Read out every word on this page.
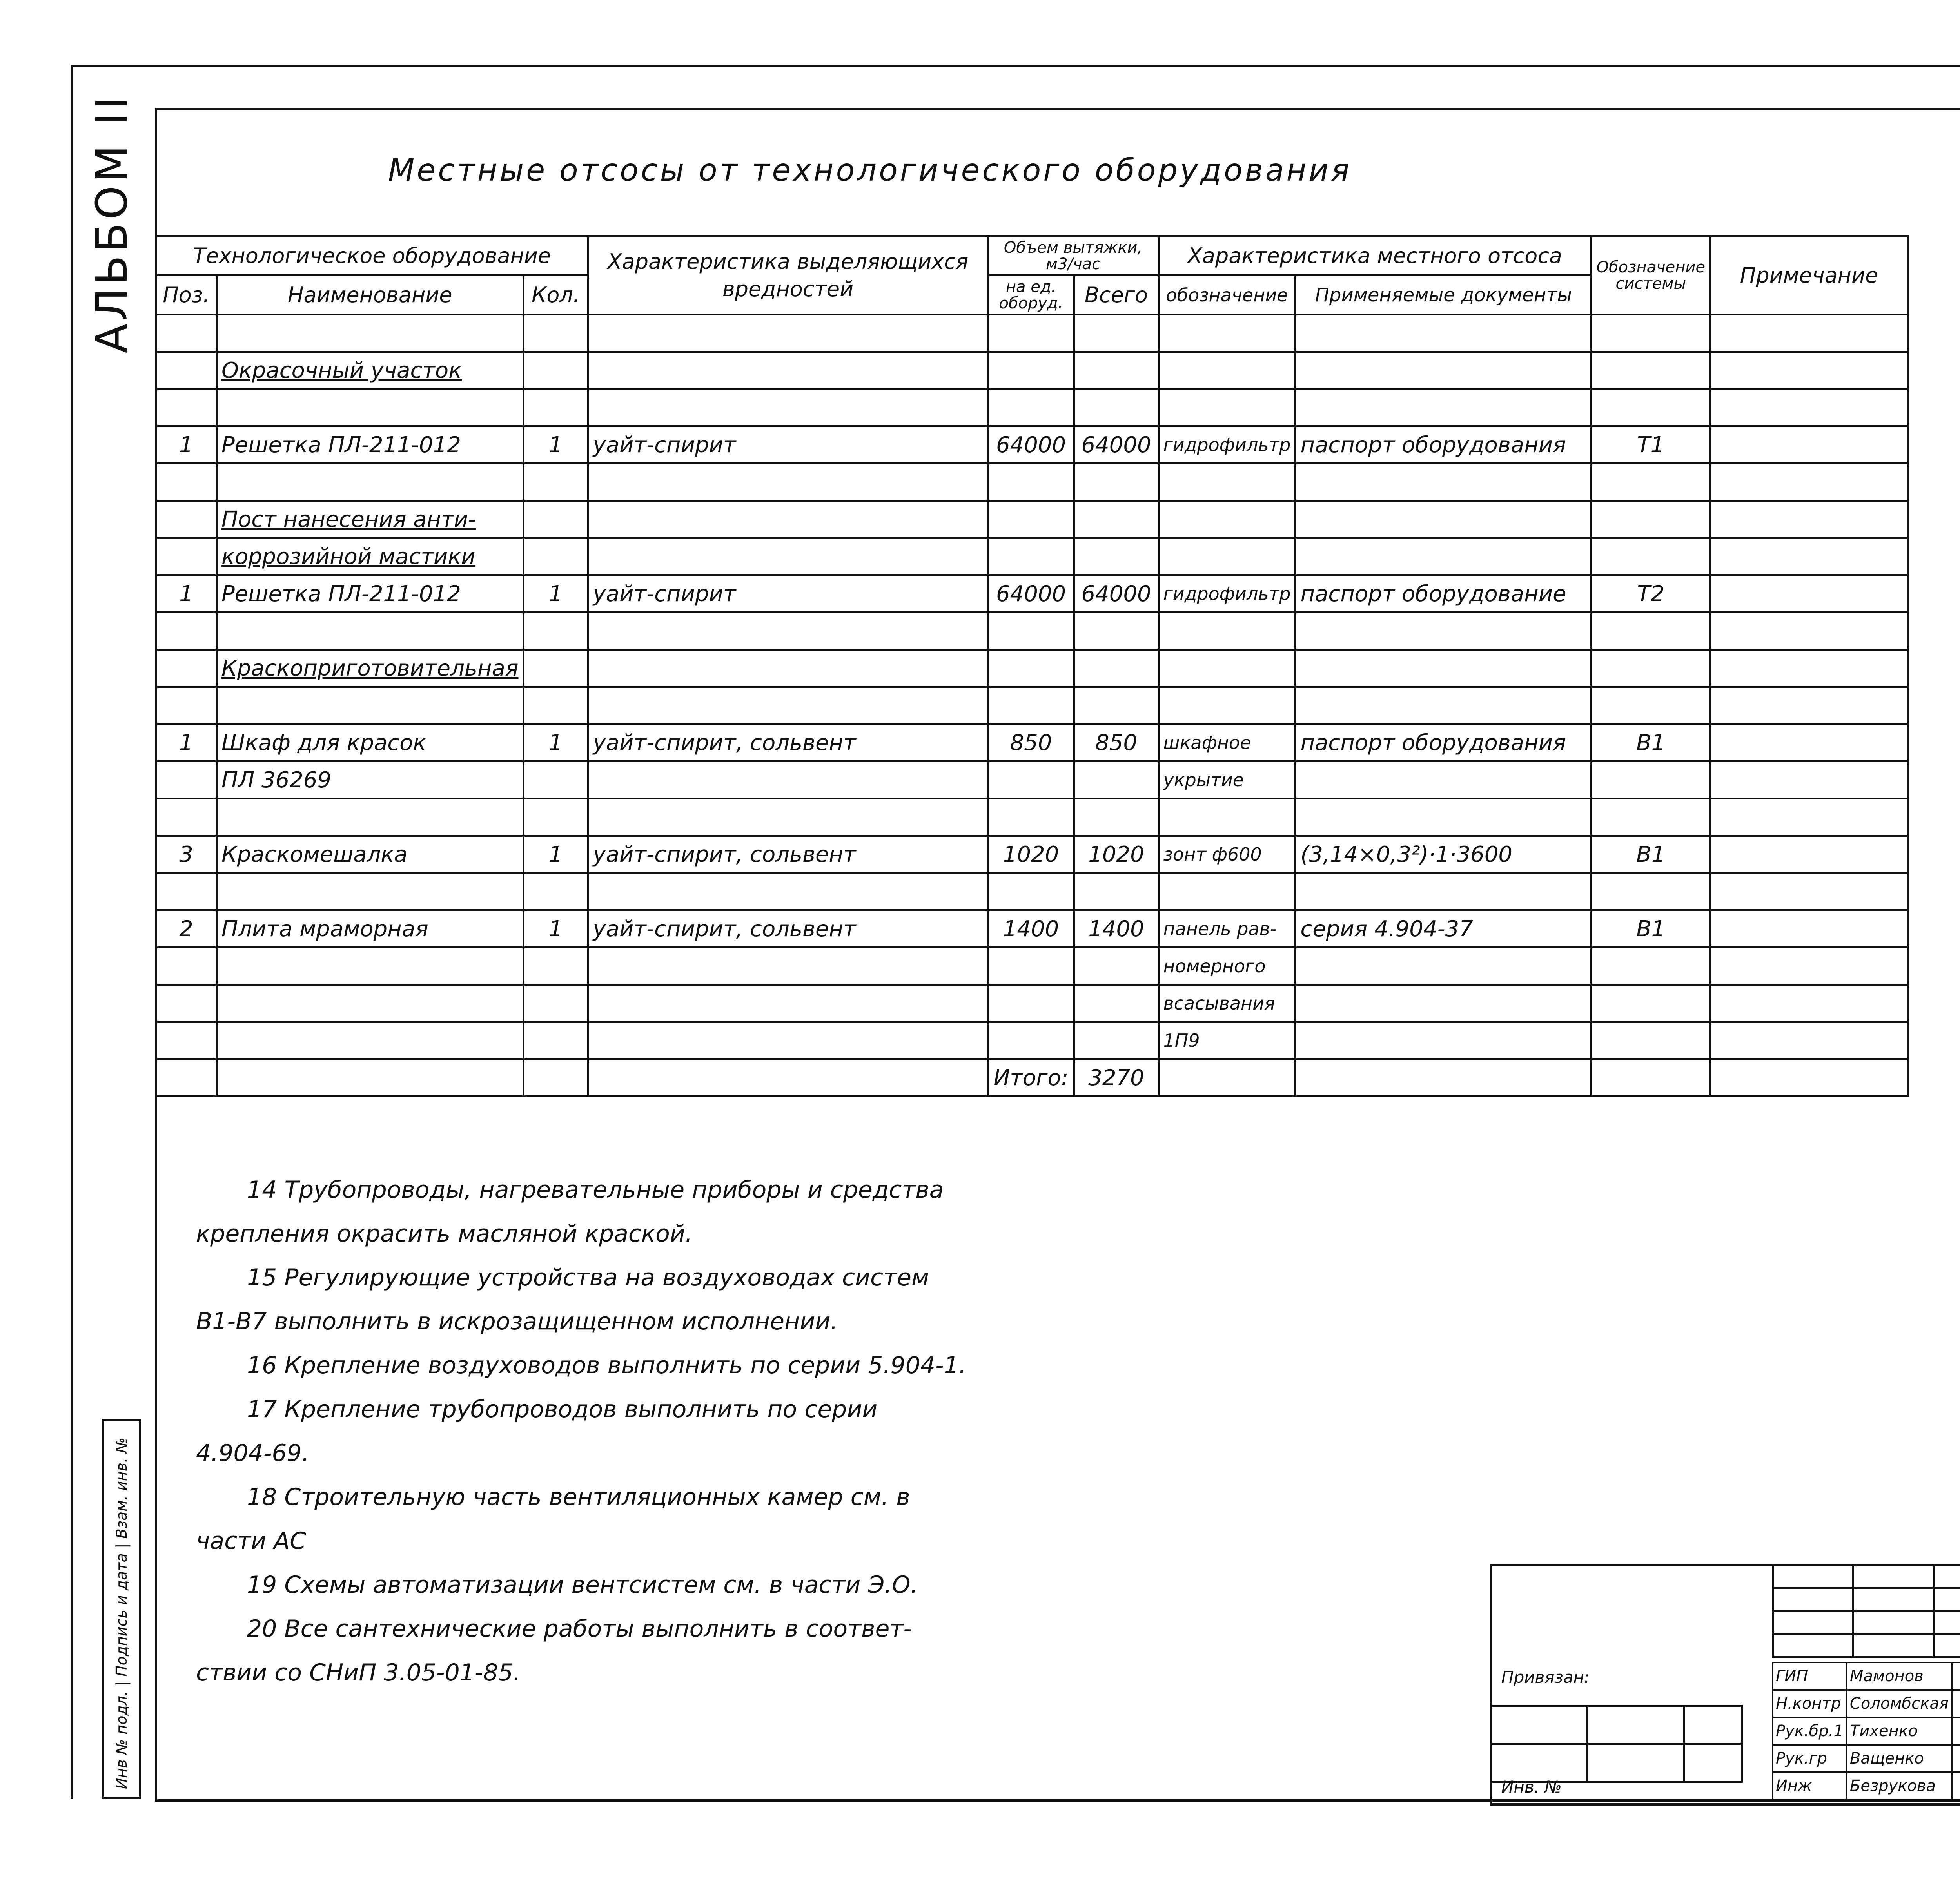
АЛЬБОМ II
Инв № подл. | Подпись и дата | Взам. инв. №
Местные отсосы от технологического оборудования
Технологическое оборудование			Характеристика выделяющихся вредностей	Объем вытяжки, м3/час		Характеристика местного отсоса		Обозначение системы	Примечание
Поз.	Наименование	Кол.		на ед. оборуд.	Всего	обозначение	Применяемые документы		

	Окрасочный участок								

1	Решетка ПЛ-211-012	1	уайт-спирит	64000	64000	гидрофильтр	паспорт оборудования	Т1	

	Пост нанесения анти-								
	коррозийной мастики								
1	Решетка ПЛ-211-012	1	уайт-спирит	64000	64000	гидрофильтр	паспорт оборудование	Т2	

	Краскоприготовительная								

1	Шкаф для красок	1	уайт-спирит, сольвент	850	850	шкафное	паспорт оборудования	В1	
	ПЛ 36269					укрытие			

3	Краскомешалка	1	уайт-спирит, сольвент	1020	1020	зонт ф600	(3,14×0,3²)·1·3600	В1	

2	Плита мраморная	1	уайт-спирит, сольвент	1400	1400	панель рав-	серия 4.904-37	В1	
						номерного			
						всасывания			
						1П9			
				Итого:	3270				
14 Трубопроводы, нагревательные приборы и средства
крепления окрасить масляной краской.
15 Регулирующие устройства на воздуховодах систем
В1-В7 выполнить в искрозащищенном исполнении.
16 Крепление воздуховодов выполнить по серии 5.904-1.
17 Крепление трубопроводов выполнить по серии
4.904-69.
18 Строительную часть вентиляционных камер см. в
части АС
19 Схемы автоматизации вентсистем см. в части Э.О.
20 Все сантехнические работы выполнить в соответ-
ствии со СНиП 3.05-01-85.

				Привязан:

Инв. №
ГИП	Мамонов		
Н.контр	Соломбская		
Рук.бр.1	Тихенко		
Рук.гр	Ващенко		
Инж	Безрукова		
